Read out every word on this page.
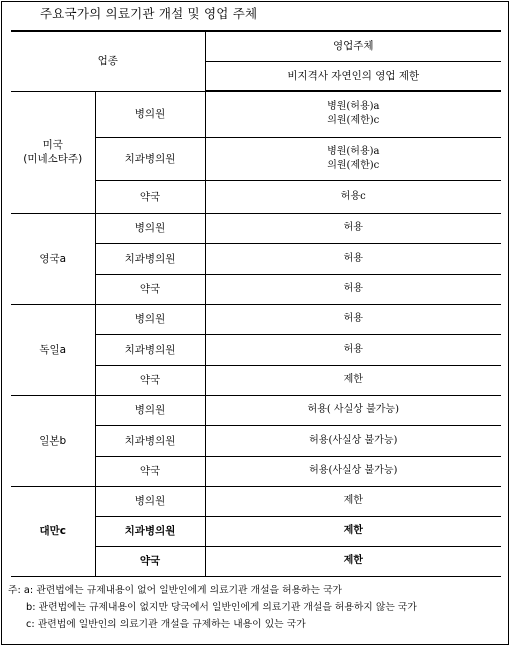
주요국가의 의료기관 개설 및 영업 주체
업종		영업주체
		비지격사 자연인의 영업 제한
미국
(미네소타주)	병의원	병원(허용)a
의원(제한)c
	치과병의원	병원(허용)a
의원(제한)c
	약국	허용c
영국a	병의원	허용
	치과병의원	허용
	약국	허용
독일a	병의원	허용
	치과병의원	허용
	약국	제한
일본b	병의원	허용( 사실상 불가능)
	치과병의원	허용(사실상 불가능)
	약국	허용(사실상 불가능)
대만c	병의원	제한
	치과병의원	제한
	약국	제한
주: a: 관련법에는 규제내용이 없어 일반인에게 의료기관 개설을 허용하는 국가
b: 관련법에는 규제내용이 없지만 당국에서 일반인에게 의료기관 개설을 허용하지 않는 국가
c: 관련법에 일반인의 의료기관 개설을 규제하는 내용이 있는 국가
